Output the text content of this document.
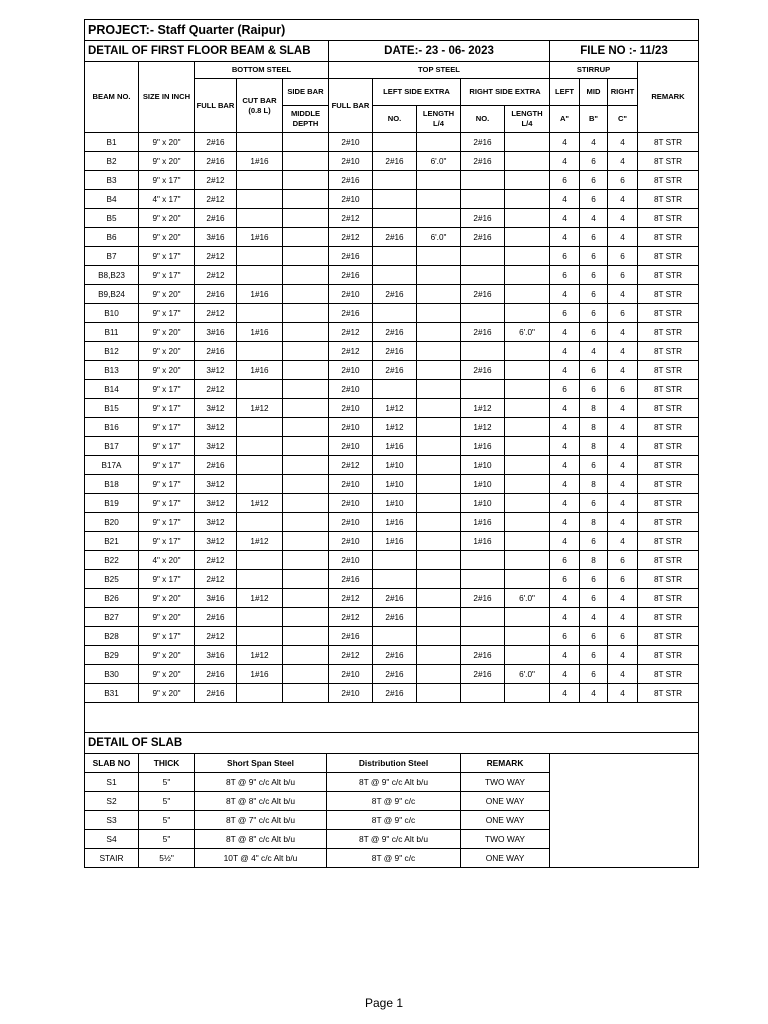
PROJECT:- Staff Quarter (Raipur)													
DETAIL OF FIRST FLOOR BEAM & SLAB					DATE:- 23 - 06- 2023					FILE NO :- 11/23			
BEAM NO.	SIZE IN INCH	BOTTOM STEEL			TOP STEEL					STIRRUP			REMARK
		FULL BAR	CUT BAR (0.8 L)	SIDE BAR	FULL BAR	LEFT SIDE EXTRA		RIGHT SIDE EXTRA		LEFT	MID	RIGHT	
				MIDDLE DEPTH		NO.	LENGTH L/4	NO.	LENGTH L/4	A"	B"	C"	
B1	9" x 20"	2#16			2#10			2#16		4	4	4	8T STR
B2	9" x 20"	2#16	1#16		2#10	2#16	6'.0"	2#16		4	6	4	8T STR
B3	9" x 17"	2#12			2#16					6	6	6	8T STR
B4	4" x 17"	2#12			2#10					4	6	4	8T STR
B5	9" x 20"	2#16			2#12			2#16		4	4	4	8T STR
B6	9" x 20"	3#16	1#16		2#12	2#16	6'.0"	2#16		4	6	4	8T STR
B7	9" x 17"	2#12			2#16					6	6	6	8T STR
B8,B23	9" x 17"	2#12			2#16					6	6	6	8T STR
B9,B24	9" x 20"	2#16	1#16		2#10	2#16		2#16		4	6	4	8T STR
B10	9" x 17"	2#12			2#16					6	6	6	8T STR
B11	9" x 20"	3#16	1#16		2#12	2#16		2#16	6'.0"	4	6	4	8T STR
B12	9" x 20"	2#16			2#12	2#16				4	4	4	8T STR
B13	9" x 20"	3#12	1#16		2#10	2#16		2#16		4	6	4	8T STR
B14	9" x 17"	2#12			2#10					6	6	6	8T STR
B15	9" x 17"	3#12	1#12		2#10	1#12		1#12		4	8	4	8T STR
B16	9" x 17"	3#12			2#10	1#12		1#12		4	8	4	8T STR
B17	9" x 17"	3#12			2#10	1#16		1#16		4	8	4	8T STR
B17A	9" x 17"	2#16			2#12	1#10		1#10		4	6	4	8T STR
B18	9" x 17"	3#12			2#10	1#10		1#10		4	8	4	8T STR
B19	9" x 17"	3#12	1#12		2#10	1#10		1#10		4	6	4	8T STR
B20	9" x 17"	3#12			2#10	1#16		1#16		4	8	4	8T STR
B21	9" x 17"	3#12	1#12		2#10	1#16		1#16		4	6	4	8T STR
B22	4" x 20"	2#12			2#10					6	8	6	8T STR
B25	9" x 17"	2#12			2#16					6	6	6	8T STR
B26	9" x 20"	3#16	1#12		2#12	2#16		2#16	6'.0"	4	6	4	8T STR
B27	9" x 20"	2#16			2#12	2#16				4	4	4	8T STR
B28	9" x 17"	2#12			2#16					6	6	6	8T STR
B29	9" x 20"	3#16	1#12		2#12	2#16		2#16		4	6	4	8T STR
B30	9" x 20"	2#16	1#16		2#10	2#16		2#16	6'.0"	4	6	4	8T STR
B31	9" x 20"	2#16			2#10	2#16				4	4	4	8T STR

DETAIL OF SLAB					
SLAB NO	THICK	Short Span Steel	Distribution Steel	REMARK	
S1	5"	8T @ 9" c/c Alt b/u	8T @ 9" c/c Alt b/u	TWO WAY	
S2	5"	8T @ 8" c/c Alt b/u	8T @ 9" c/c	ONE WAY	
S3	5"	8T @ 7" c/c Alt b/u	8T @ 9" c/c	ONE WAY	
S4	5"	8T @ 8" c/c Alt b/u	8T @ 9" c/c Alt b/u	TWO WAY	
STAIR	5½"	10T @ 4" c/c Alt b/u	8T @ 9" c/c	ONE WAY	
Page 1
